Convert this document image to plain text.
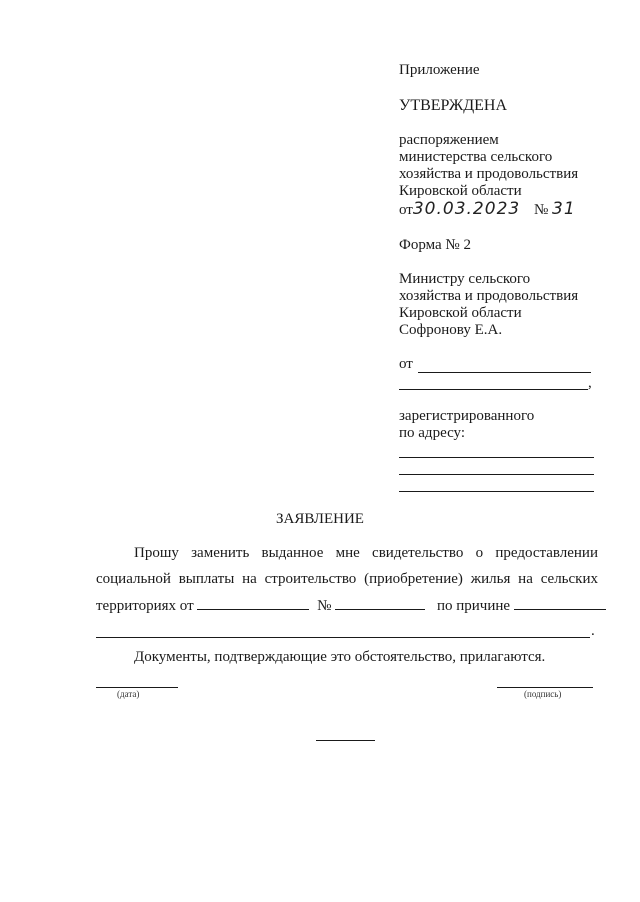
Приложение
УТВЕРЖДЕНА
распоряжением
министерства сельского
хозяйства и продовольствия
Кировской области
от30.03.2023 № 31
Форма № 2
Министру сельского
хозяйства и продовольствия
Кировской области
Софронову Е.А.
от
,
зарегистрированного
по адресу:
ЗАЯВЛЕНИЕ
Прошу заменить выданное мне свидетельство о предоставлении
социальной выплаты на строительство (приобретение) жилья на сельских
территориях от	№	по причине
.
Документы, подтверждающие это обстоятельство, прилагаются.
(дата)	(подпись)
